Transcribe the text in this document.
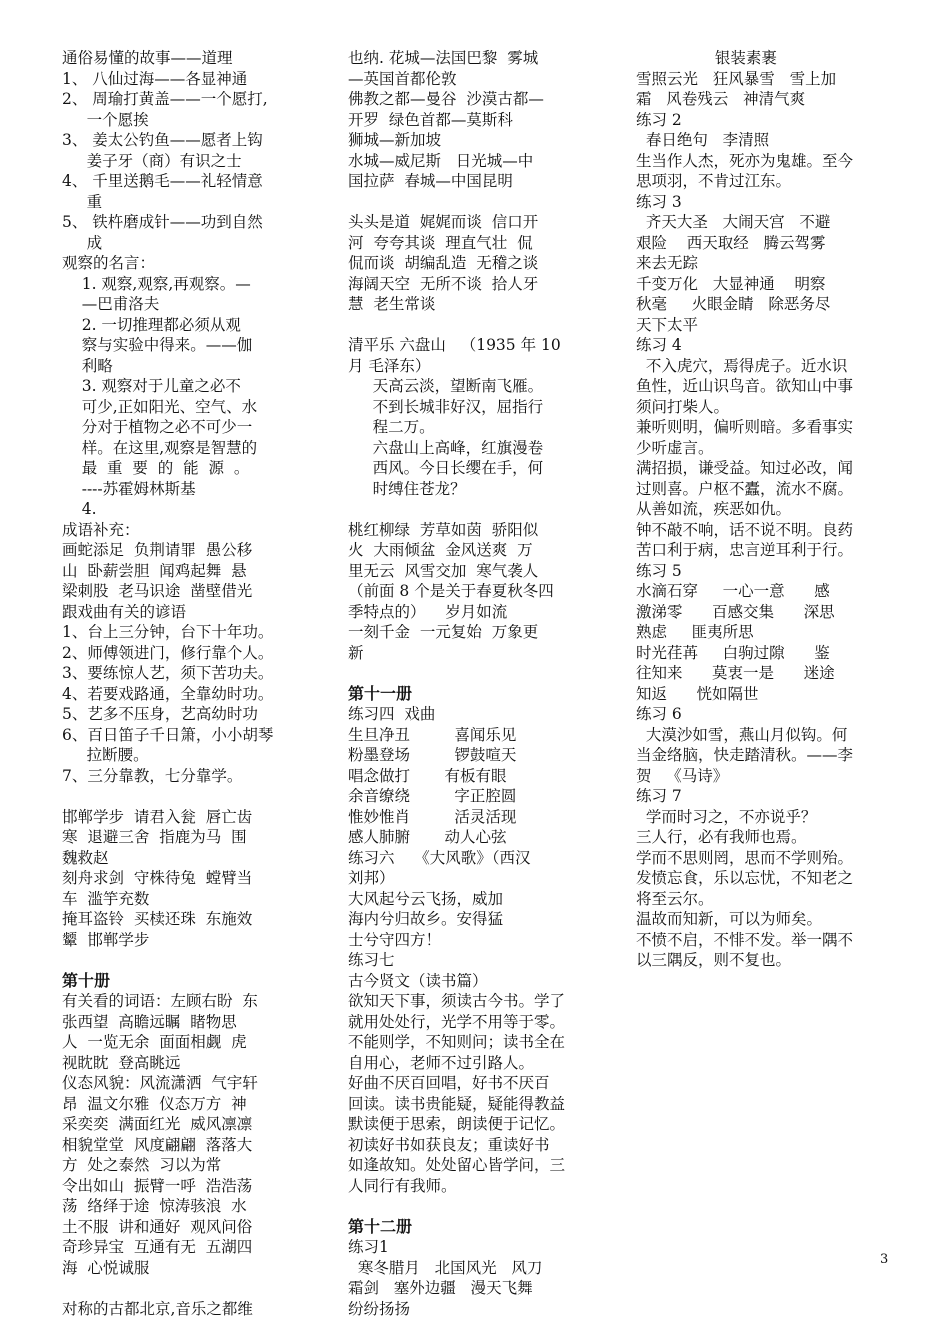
通俗易懂的故事——道理
1、 八仙过海——各显神通
2、 周瑜打黄盖——一个愿打,
一个愿挨
3、 姜太公钓鱼——愿者上钩
姜子牙（商）有识之士
4、 千里送鹅毛——礼轻情意
重
5、 铁杵磨成针——功到自然
成
观察的名言：
1. 观察,观察,再观察。—
—巴甫洛夫
2. 一切推理都必须从观
察与实验中得来。——伽
利略
3. 观察对于儿童之必不
可少,正如阳光、空气、水
分对于植物之必不可少一
样。在这里,观察是智慧的
最  重  要  的  能  源  。
----苏霍姆林斯基
4.
成语补充：
画蛇添足  负荆请罪  愚公移
山  卧薪尝胆  闻鸡起舞  悬
梁刺股  老马识途  凿壁借光
跟戏曲有关的谚语
1、台上三分钟，台下十年功。
2、师傅领进门，修行靠个人。
3、要练惊人艺，须下苦功夫。
4、若要戏路通，全靠幼时功。
5、艺多不压身，艺高幼时功
6、百日笛子千日箫，小小胡琴
拉断腰。
7、三分靠教，七分靠学。
邯郸学步  请君入瓮  唇亡齿
寒  退避三舍  指鹿为马  围
魏救赵
刻舟求剑  守株待兔  螳臂当
车  滥竽充数
掩耳盗铃  买椟还珠  东施效
颦  邯郸学步
第十册
有关看的词语：左顾右盼  东
张西望  高瞻远瞩  睹物思
人  一览无余  面面相觑  虎
视眈眈  登高眺远
仪态风貌：风流潇洒  气宇轩
昂  温文尔雅  仪态万方  神
采奕奕  满面红光  威风凛凛
相貌堂堂  风度翩翩  落落大
方  处之泰然  习以为常
令出如山  振臂一呼  浩浩荡
荡  络绎于途  惊涛骇浪  水
土不服  讲和通好  观风问俗
奇珍异宝  互通有无  五湖四
海  心悦诚服
对称的古都北京,音乐之都维
也纳. 花城—法国巴黎  雾城
—英国首都伦敦
佛教之都—曼谷  沙漠古都—
开罗  绿色首都—莫斯科
狮城—新加坡
水城—威尼斯   日光城—中
国拉萨  春城—中国昆明
头头是道  娓娓而谈  信口开
河  夸夸其谈  理直气壮  侃
侃而谈  胡编乱造  无稽之谈
海阔天空  无所不谈  拾人牙
慧  老生常谈
清平乐 六盘山   （1935 年 10
月 毛泽东）
天高云淡，望断南飞雁。
不到长城非好汉，屈指行
程二万。
六盘山上高峰，红旗漫卷
西风。今日长缨在手，何
时缚住苍龙？
桃红柳绿  芳草如茵  骄阳似
火  大雨倾盆  金风送爽  万
里无云  风雪交加  寒气袭人
（前面 8 个是关于春夏秋冬四
季特点的）    岁月如流
一刻千金  一元复始  万象更
新
第十一册
练习四  戏曲
生旦净丑         喜闻乐见
粉墨登场         锣鼓喧天
唱念做打       有板有眼
余音缭绕         字正腔圆
惟妙惟肖         活灵活现
感人肺腑       动人心弦
练习六    《大风歌》（西汉
刘邦）
大风起兮云飞扬，威加
海内兮归故乡。安得猛
士兮守四方！
练习七
古今贤文（读书篇）
欲知天下事，须读古今书。学了
就用处处行，光学不用等于零。
不能则学，不知则问；读书全在
自用心，老师不过引路人。
好曲不厌百回唱，好书不厌百
回读。读书贵能疑，疑能得教益
默读便于思索，朗读便于记忆。
初读好书如获良友；重读好书
如逢故知。处处留心皆学问，三
人同行有我师。
第十二册
练习1
寒冬腊月   北国风光   风刀
霜剑   塞外边疆   漫天飞舞
纷纷扬扬
银装素裹
雪照云光   狂风暴雪   雪上加
霜   风卷残云   神清气爽
练习 2
春日绝句   李清照
生当作人杰，死亦为鬼雄。至今
思项羽，不肯过江东。
练习 3
齐天大圣   大闹天宫   不避
艰险    西天取经   腾云驾雾
来去无踪
千变万化   大显神通    明察
秋毫     火眼金睛   除恶务尽
天下太平
练习 4
不入虎穴，焉得虎子。近水识
鱼性，近山识鸟音。欲知山中事
须问打柴人。
兼听则明，偏听则暗。多看事实
少听虚言。
满招损，谦受益。知过必改，闻
过则喜。户枢不蠹，流水不腐。
从善如流，疾恶如仇。
钟不敲不响，话不说不明。良药
苦口利于病，忠言逆耳利于行。
练习 5
水滴石穿     一心一意      感
激涕零      百感交集      深思
熟虑     匪夷所思
时光荏苒     白驹过隙      鉴
往知来      莫衷一是      迷途
知返      恍如隔世
练习 6
大漠沙如雪，燕山月似钩。何
当金络脑，快走踏清秋。——李
贺   《马诗》
练习 7
学而时习之，不亦说乎？
三人行，必有我师也焉。
学而不思则罔，思而不学则殆。
发愤忘食，乐以忘忧，不知老之
将至云尔。
温故而知新，可以为师矣。
不愤不启，不悱不发。举一隅不
以三隅反，则不复也。
3
